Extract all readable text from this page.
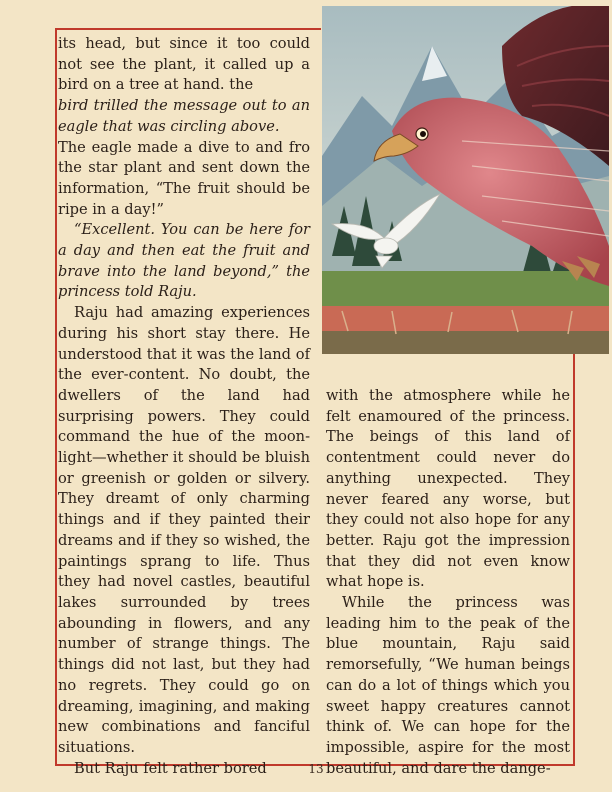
its head, but since it too could not see the plant, it called up a bird on a tree at hand. the

bird trilled the message out to an eagle that was circling above.

The eagle made a dive to and fro the star plant and sent down the information, “The fruit should be ripe in a day!”

“Excellent. You can be here for a day and then eat the fruit and brave into the land beyond,” the princess told Raju.

Raju had amazing experiences during his short stay there. He understood that it was the land of the ever-content. No doubt, the dwellers of the land had surprising powers. They could command the hue of the moon-light—whether it should be bluish or greenish or golden or silvery. They dreamt of only charming things and if they painted their dreams and if they so wished, the paintings sprang to life. Thus they had novel castles, beautiful lakes surrounded by trees abounding in flowers, and any number of strange things. The things did not last, but they had no regrets. They could go on dreaming, imagining, and making new combinations and fanciful situations.

But Raju felt rather bored

with the atmosphere while he felt enamoured of the princess. The beings of this land of contentment could never do anything unexpected. They never feared any worse, but they could not also hope for any better. Raju got the impression that they did not even know what hope is.

While the princess was leading him to the peak of the blue mountain, Raju said remorsefully, “We human beings can do a lot of things which you sweet happy creatures cannot think of. We can hope for the impossible, aspire for the most beautiful, and dare the dange-

13
